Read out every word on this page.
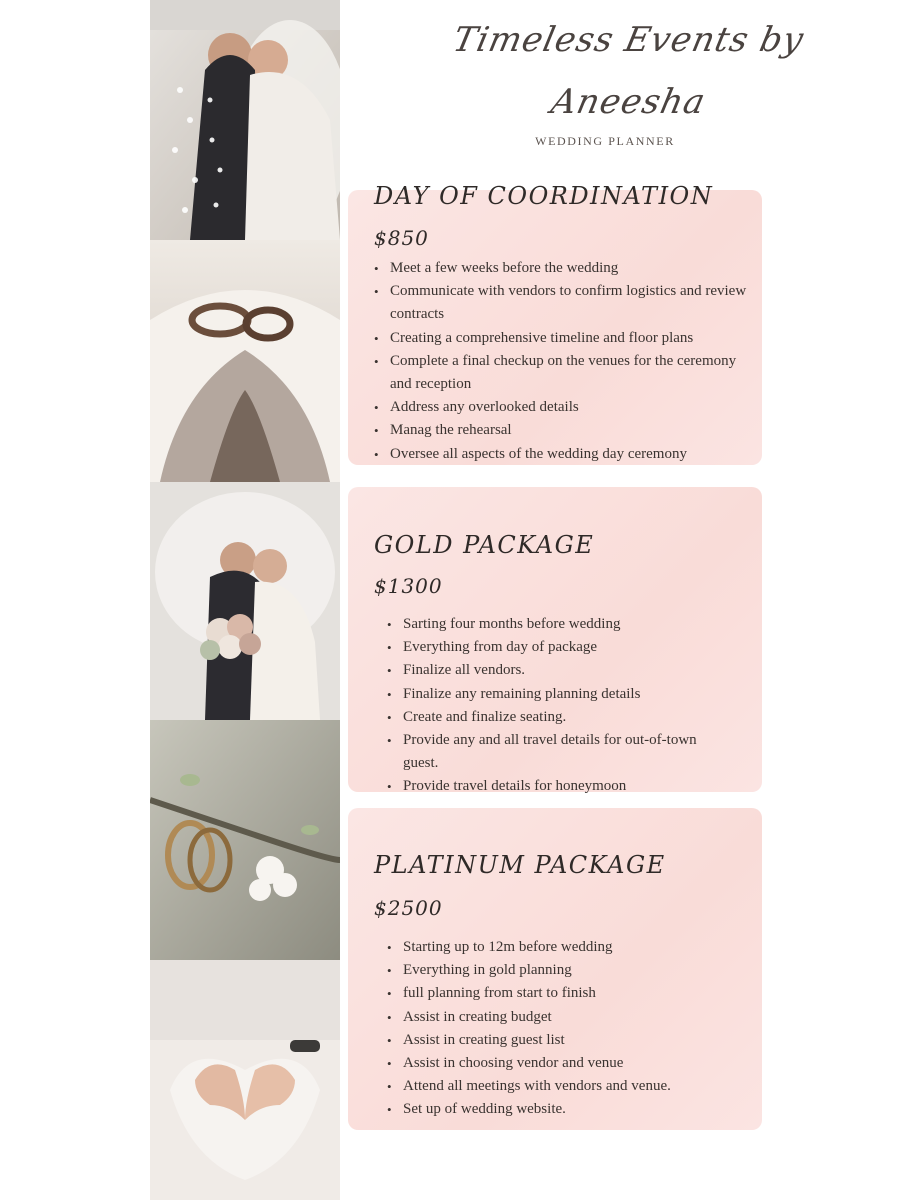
Timeless Events by
Aneesha
WEDDING PLANNER
DAY OF COORDINATION
$850
• Meet a few weeks before the wedding
• Communicate with vendors to confirm logistics and review contracts
• Creating a comprehensive timeline and floor plans
• Complete a final checkup on the venues for the ceremony and reception
• Address any overlooked details
• Manag the rehearsal
• Oversee all aspects of the wedding day ceremony
GOLD PACKAGE
$1300
• Sarting four months before wedding
• Everything from day of package
• Finalize all vendors.
• Finalize any remaining planning details
• Create and finalize seating.
• Provide any and all travel details for out-of-town guest.
• Provide travel details for honeymoon
PLATINUM PACKAGE
$2500
• Starting up to 12m before wedding
• Everything in gold planning
• full planning from start to finish
• Assist in creating budget
• Assist in creating guest list
• Assist in choosing vendor and venue
• Attend all meetings with vendors and venue.
• Set up of wedding website.
